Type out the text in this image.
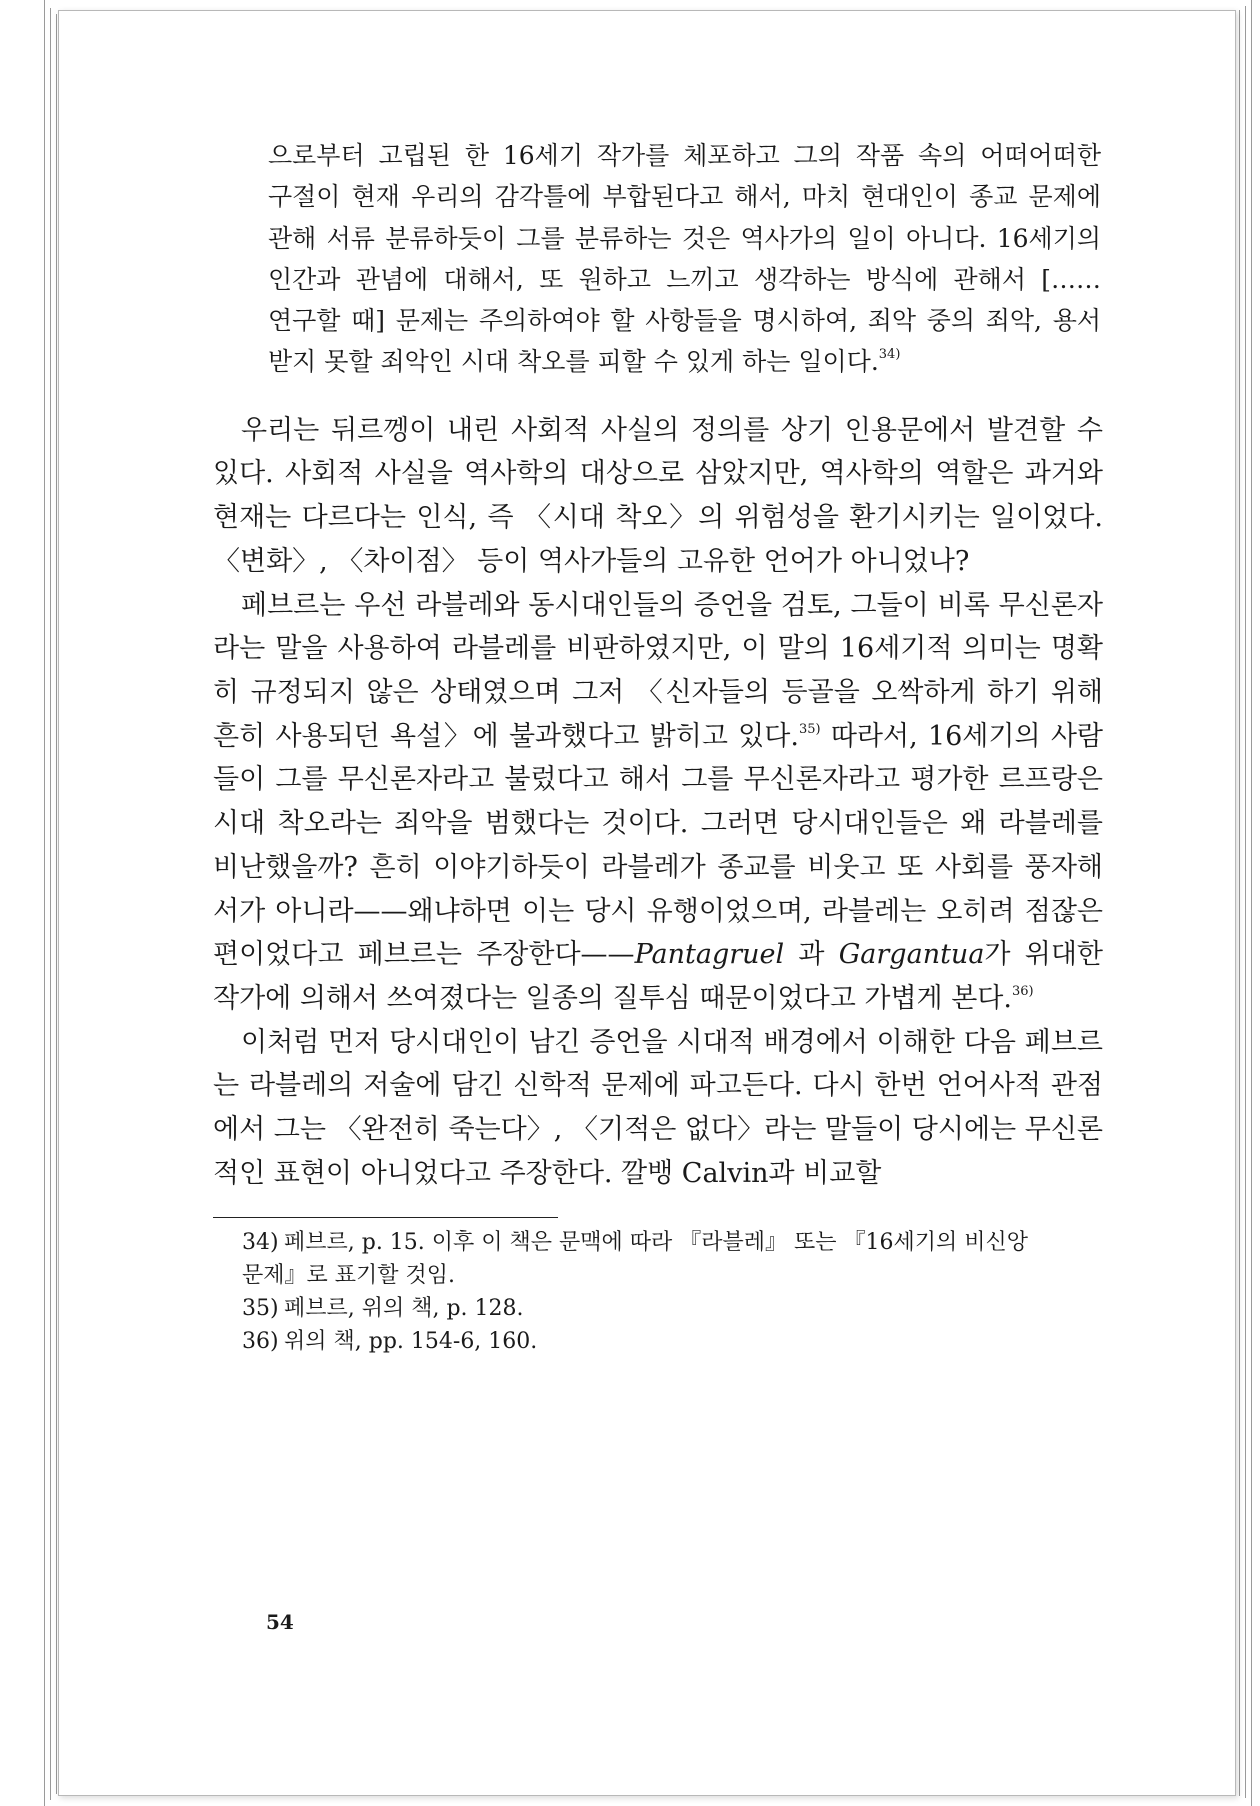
으로부터 고립된 한 16세기 작가를 체포하고 그의 작품 속의 어떠어떠한
구절이 현재 우리의 감각틀에 부합된다고 해서, 마치 현대인이 종교 문제에
관해 서류 분류하듯이 그를 분류하는 것은 역사가의 일이 아니다. 16세기의
인간과 관념에 대해서, 또 원하고 느끼고 생각하는 방식에 관해서 [……
연구할 때] 문제는 주의하여야 할 사항들을 명시하여, 죄악 중의 죄악, 용서
받지 못할 죄악인 시대 착오를 피할 수 있게 하는 일이다.$^{34)}$

우리는 뒤르껭이 내린 사회적 사실의 정의를 상기 인용문에서 발견할 수 있다. 사회적 사실을 역사학의 대상으로 삼았지만, 역사학의 역할은 과거와 현재는 다르다는 인식, 즉 〈시대 착오〉의 위험성을 환기시키는 일이었다. 〈변화〉, 〈차이점〉 등이 역사가들의 고유한 언어가 아니었나?

페브르는 우선 라블레와 동시대인들의 증언을 검토, 그들이 비록 무신론자라는 말을 사용하여 라블레를 비판하였지만, 이 말의 16세기적 의미는 명확히 규정되지 않은 상태였으며 그저 〈신자들의 등골을 오싹하게 하기 위해 흔히 사용되던 욕설〉에 불과했다고 밝히고 있다.$^{35)}$ 따라서, 16세기의 사람들이 그를 무신론자라고 불렀다고 해서 그를 무신론자라고 평가한 르프랑은 시대 착오라는 죄악을 범했다는 것이다. 그러면 당시대인들은 왜 라블레를 비난했을까? 흔히 이야기하듯이 라블레가 종교를 비웃고 또 사회를 풍자해서가 아니라——왜냐하면 이는 당시 유행이었으며, 라블레는 오히려 점잖은 편이었다고 페브르는 주장한다——Pantagruel 과 Gargantua가 위대한 작가에 의해서 쓰여졌다는 일종의 질투심 때문이었다고 가볍게 본다.$^{36)}$

이처럼 먼저 당시대인이 남긴 증언을 시대적 배경에서 이해한 다음 페브르는 라블레의 저술에 담긴 신학적 문제에 파고든다. 다시 한번 언어사적 관점에서 그는 〈완전히 죽는다〉, 〈기적은 없다〉라는 말들이 당시에는 무신론적인 표현이 아니었다고 주장한다. 깔뱅 Calvin과 비교할

34) 페브르, p. 15. 이후 이 책은 문맥에 따라 『라블레』 또는 『16세기의 비신앙

문제』로 표기할 것임.

35) 페브르, 위의 책, p. 128.

36) 위의 책, pp. 154-6, 160.

54
